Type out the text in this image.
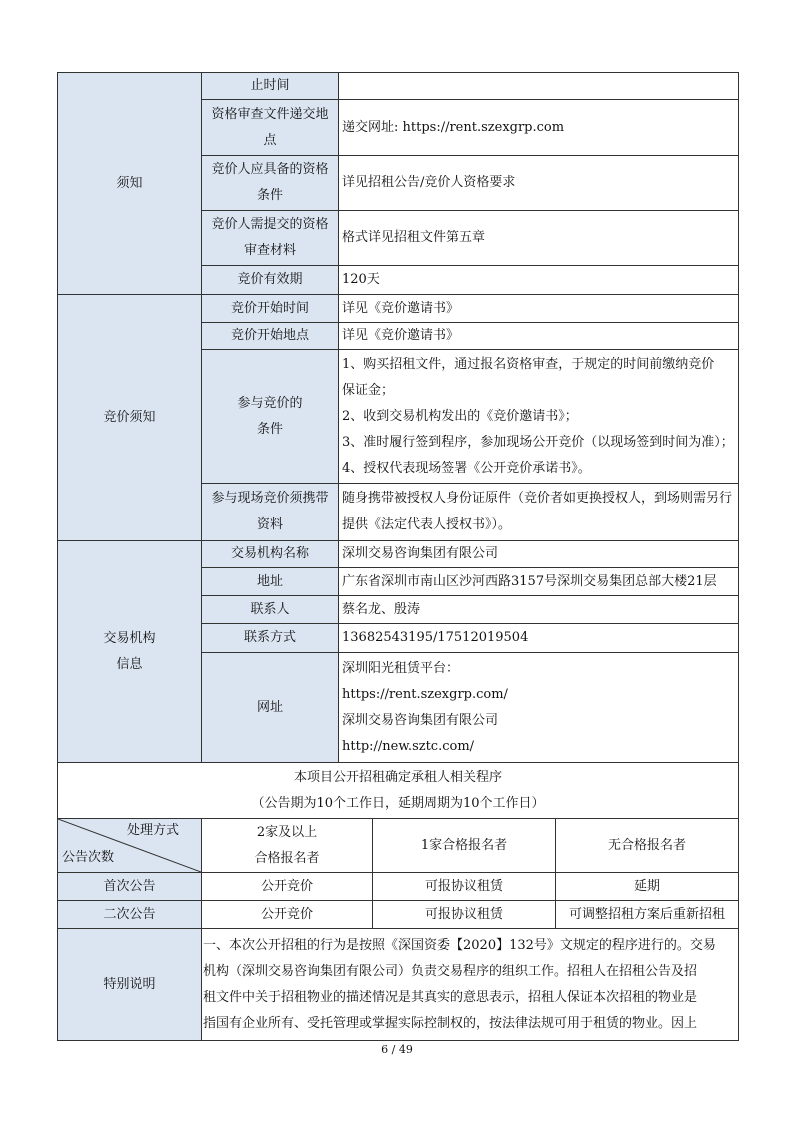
须知	止时间			

	资格审查文件递交地
点	递交网址: https://rent.szexgrp.com		

	竞价人应具备的资格
条件	详见招租公告/竞价人资格要求		

	竞价人需提交的资格
审查材料	格式详见招租文件第五章		
	竞价有效期	120天		
竞价须知	竞价开始时间	详见《竞价邀请书》		
	竞价开始地点	详见《竞价邀请书》		

	参与竞价的
条件	1、购买招租文件，通过报名资格审查，于规定的时间前缴纳竞价
保证金；
2、收到交易机构发出的《竞价邀请书》；
3、准时履行签到程序，参加现场公开竞价（以现场签到时间为准）；
4、授权代表现场签署《公开竞价承诺书》。		

	参与现场竞价须携带
资料	随身携带被授权人身份证原件（竞价者如更换授权人，到场则需另行
提供《法定代表人授权书》）。		

交易机构
信息	交易机构名称	深圳交易咨询集团有限公司		
	地址	广东省深圳市南山区沙河西路3157号深圳交易集团总部大楼21层		
	联系人	蔡名龙、殷涛		
	联系方式	13682543195/17512019504		
	网址	深圳阳光租赁平台：
https://rent.szexgrp.com/
深圳交易咨询集团有限公司
http://new.sztc.com/		

本项目公开招租确定承租人相关程序
（公告期为10个工作日，延期周期为10个工作日）				

处理方式
公告次数	2家及以上
合格报名者		1家合格报名者	无合格报名者
首次公告	公开竞价		可报协议租赁	延期
二次公告	公开竞价		可报协议租赁	可调整招租方案后重新招租
特别说明	一、本次公开招租的行为是按照《深国资委【2020】132号》文规定的程序进行的。交易
机构（深圳交易咨询集团有限公司）负责交易程序的组织工作。招租人在招租公告及招
租文件中关于招租物业的描述情况是其真实的意思表示，招租人保证本次招租的物业是
指国有企业所有、受托管理或掌握实际控制权的，按法律法规可用于租赁的物业。因上			
6 / 49
